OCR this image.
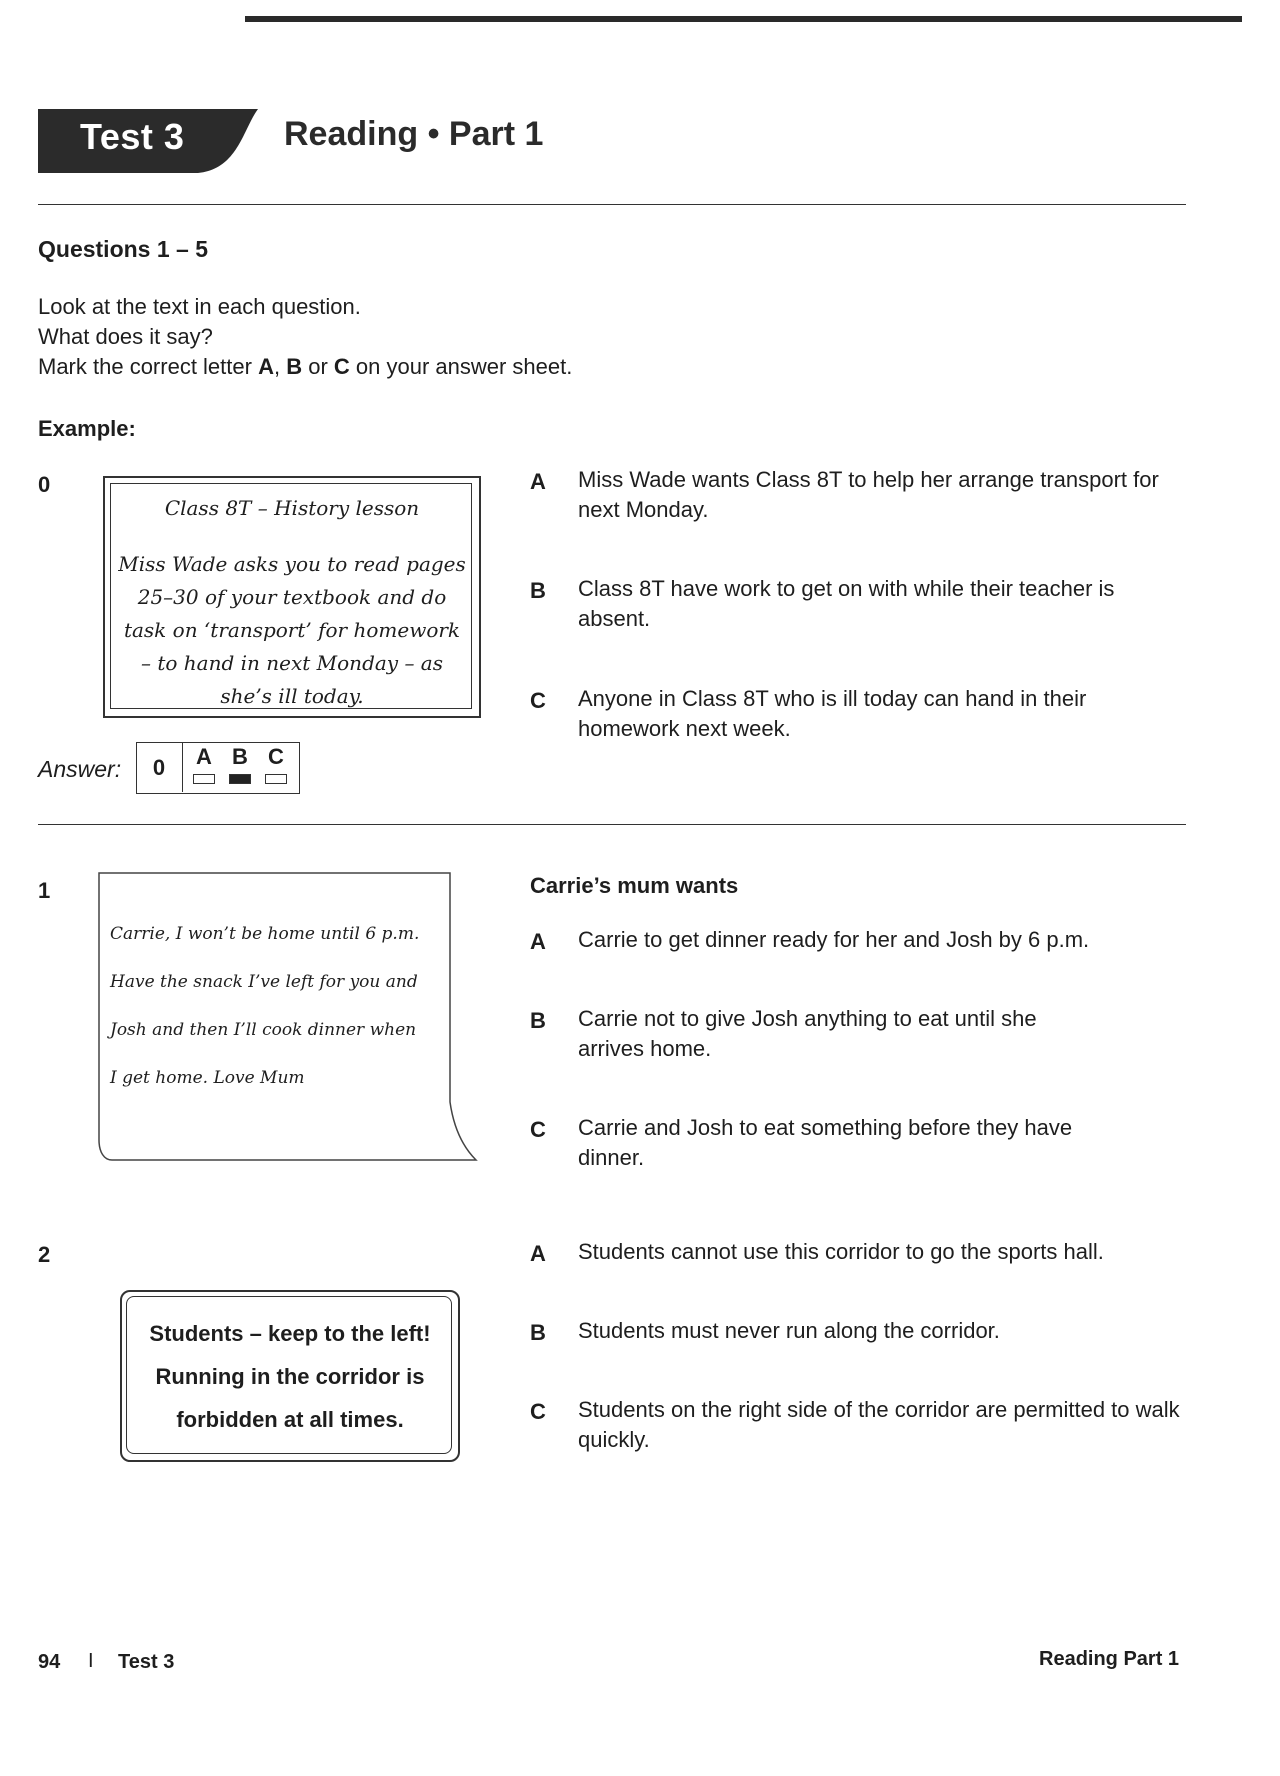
Test 3	Reading • Part 1
Questions 1 – 5
Look at the text in each question.
What does it say?
Mark the correct letter A, B or C on your answer sheet.
Example:
0
Class 8T – History lesson
Miss Wade asks you to read pages
25–30 of your textbook and do
task on ‘transport’ for homework
– to hand in next Monday – as
she’s ill today.
A	Miss Wade wants Class 8T to help her arrange transport for next Monday.
B	Class 8T have work to get on with while their teacher is absent.
C	Anyone in Class 8T who is ill today can hand in their homework next week.
Answer:	0	A B C
1
Carrie, I won’t be home until 6 p.m.
Have the snack I’ve left for you and
Josh and then I’ll cook dinner when
I get home. Love Mum
Carrie’s mum wants
A	Carrie to get dinner ready for her and Josh by 6 p.m.
B	Carrie not to give Josh anything to eat until she arrives home.
C	Carrie and Josh to eat something before they have dinner.
2
Students – keep to the left!
Running in the corridor is
forbidden at all times.
A	Students cannot use this corridor to go the sports hall.
B	Students must never run along the corridor.
C	Students on the right side of the corridor are permitted to walk quickly.
94 I Test 3	Reading Part 1
